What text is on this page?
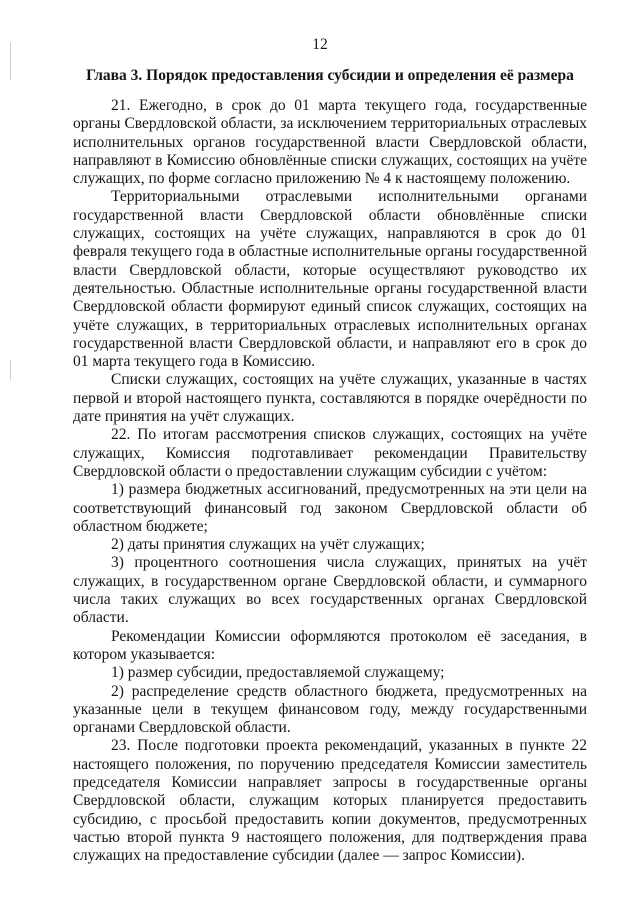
12
Глава 3. Порядок предоставления субсидии и определения её размера

21. Ежегодно, в срок до 01 марта текущего года, государственные органы Свердловской области, за исключением территориальных отраслевых исполнительных органов государственной власти Свердловской области, направляют в Комиссию обновлённые списки служащих, состоящих на учёте служащих, по форме согласно приложению № 4 к настоящему положению.

Территориальными отраслевыми исполнительными органами государственной власти Свердловской области обновлённые списки служащих, состоящих на учёте служащих, направляются в срок до 01 февраля текущего года в областные исполнительные органы государственной власти Свердловской области, которые осуществляют руководство их деятельностью. Областные исполнительные органы государственной власти Свердловской области формируют единый список служащих, состоящих на учёте служащих, в территориальных отраслевых исполнительных органах государственной власти Свердловской области, и направляют его в срок до 01 марта текущего года в Комиссию.

Списки служащих, состоящих на учёте служащих, указанные в частях первой и второй настоящего пункта, составляются в порядке очерёдности по дате принятия на учёт служащих.

22. По итогам рассмотрения списков служащих, состоящих на учёте служащих, Комиссия подготавливает рекомендации Правительству Свердловской области о предоставлении служащим субсидии с учётом:

1) размера бюджетных ассигнований, предусмотренных на эти цели на соответствующий финансовый год законом Свердловской области об областном бюджете;

2) даты принятия служащих на учёт служащих;

3) процентного соотношения числа служащих, принятых на учёт служащих, в государственном органе Свердловской области, и суммарного числа таких служащих во всех государственных органах Свердловской области.

Рекомендации Комиссии оформляются протоколом её заседания, в котором указывается:

1) размер субсидии, предоставляемой служащему;

2) распределение средств областного бюджета, предусмотренных на указанные цели в текущем финансовом году, между государственными органами Свердловской области.

23. После подготовки проекта рекомендаций, указанных в пункте 22 настоящего положения, по поручению председателя Комиссии заместитель председателя Комиссии направляет запросы в государственные органы Свердловской области, служащим которых планируется предоставить субсидию, с просьбой предоставить копии документов, предусмотренных частью второй пункта 9 настоящего положения, для подтверждения права служащих на предоставление субсидии (далее — запрос Комиссии).
